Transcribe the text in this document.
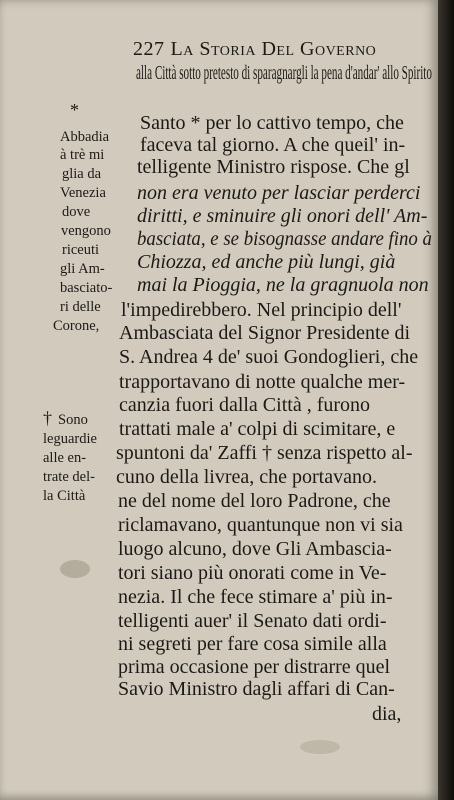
227 La Storia Del Governo
alla Città sotto pretesto di sparagnargli la pena d'andar' allo Spirito
Santo * per lo cattivo tempo, che
faceva tal giorno. A che queil' in-
telligente Ministro rispose. Che gl
non era venuto per lasciar perderci
diritti, e sminuire gli onori dell' Am-
basciata, e se bisognasse andare fino à
Chiozza, ed anche più lungi, già
mai la Pioggia, ne la gragnuola non
l'impedirebbero. Nel principio dell'
Ambasciata del Signor Presidente di
S. Andrea 4 de' suoi Gondoglieri, che
trapportavano di notte qualche mer-
canzia fuori dalla Città , furono
trattati male a' colpi di scimitare, e
spuntoni da' Zaffi † senza rispetto al-
cuno della livrea, che portavano.
ne del nome del loro Padrone, che
riclamavano, quantunque non vi sia
luogo alcuno, dove Gli Ambascia-
tori siano più onorati come in Ve-
nezia. Il che fece stimare a' più in-
telligenti auer' il Senato dati ordi-
ni segreti per fare cosa simile alla
prima occasione per distrarre quel
Savio Ministro dagli affari di Can-
dia,
*
Abbadia
à trè mi
glia da
Venezia
dove
vengono
riceuti
gli Am-
basciato-
ri delle
Corone,
† Sono
leguardie
alle en-
trate del-
la Città
